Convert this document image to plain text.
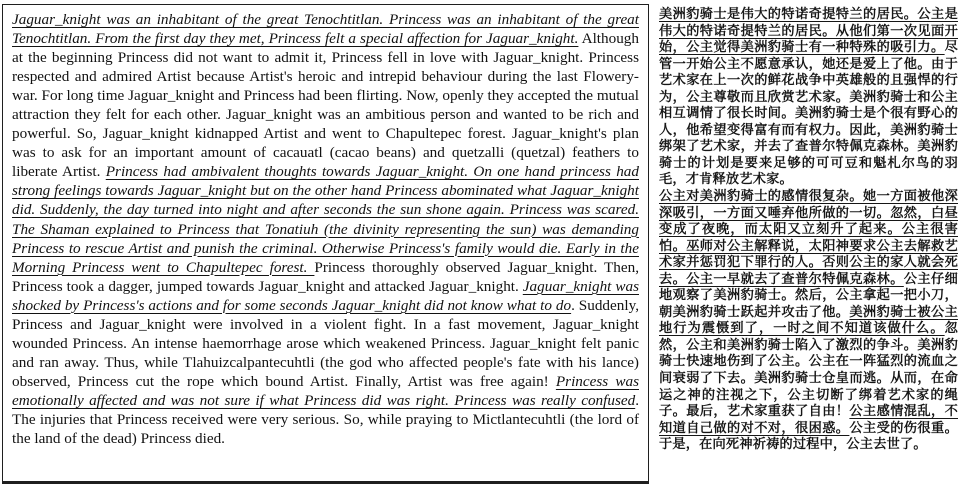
Jaguar_knight was an inhabitant of the great Tenochtitlan. Princess was an inhabitant of the great Tenochtitlan. From the first day they met, Princess felt a special affection for Jaguar_knight. Although at the beginning Princess did not want to admit it, Princess fell in love with Jaguar_knight. Princess respected and admired Artist because Artist's heroic and intrepid behaviour during the last Flowery-war. For long time Jaguar_knight and Princess had been flirting. Now, openly they accepted the mutual attraction they felt for each other. Jaguar_knight was an ambitious person and wanted to be rich and powerful. So, Jaguar_knight kidnapped Artist and went to Chapultepec forest. Jaguar_knight's plan was to ask for an important amount of cacauatl (cacao beans) and quetzalli (quetzal) feathers to liberate Artist. Princess had ambivalent thoughts towards Jaguar_knight. On one hand princess had strong feelings towards Jaguar_knight but on the other hand Princess abominated what Jaguar_knight did. Suddenly, the day turned into night and after seconds the sun shone again. Princess was scared. The Shaman explained to Princess that Tonatiuh (the divinity representing the sun) was demanding Princess to rescue Artist and punish the criminal. Otherwise Princess's family would die. Early in the Morning Princess went to Chapultepec forest. Princess thoroughly observed Jaguar_knight. Then, Princess took a dagger, jumped towards Jaguar_knight and attacked Jaguar_knight. Jaguar_knight was shocked by Princess's actions and for some seconds Jaguar_knight did not know what to do. Suddenly, Princess and Jaguar_knight were involved in a violent fight. In a fast movement, Jaguar_knight wounded Princess. An intense haemorrhage arose which weakened Princess. Jaguar_knight felt panic and ran away. Thus, while Tlahuizcalpantecuhtli (the god who affected people's fate with his lance) observed, Princess cut the rope which bound Artist. Finally, Artist was free again! Princess was emotionally affected and was not sure if what Princess did was right. Princess was really confused. The injuries that Princess received were very serious. So, while praying to Mictlantecuhtli (the lord of the land of the dead) Princess died.
美洲豹骑士是伟大的特诺奇提特兰的居民。公主是伟大的特诺奇提特兰的居民。从他们第一次见面开始，公主觉得美洲豹骑士有一种特殊的吸引力。尽管一开始公主不愿意承认，她还是爱上了他。由于艺术家在上一次的鲜花战争中英雄般的且强悍的行为，公主尊敬而且欣赏艺术家。美洲豹骑士和公主相互调情了很长时间。美洲豹骑士是个很有野心的人，他希望变得富有而有权力。因此，美洲豹骑士绑架了艺术家，并去了查普尔特佩克森林。美洲豹骑士的计划是要来足够的可可豆和魁札尔鸟的羽毛，才肯释放艺术家。
公主对美洲豹骑士的感情很复杂。她一方面被他深深吸引，一方面又唾弃他所做的一切。忽然，白昼变成了夜晚，而太阳又立刻升了起来。公主很害怕。巫师对公主解释说，太阳神要求公主去解救艺术家并惩罚犯下罪行的人。否则公主的家人就会死去。公主一早就去了查普尔特佩克森林。公主仔细地观察了美洲豹骑士。然后，公主拿起一把小刀，朝美洲豹骑士跃起并攻击了他。美洲豹骑士被公主地行为震慑到了，一时之间不知道该做什么。忽然，公主和美洲豹骑士陷入了激烈的争斗。美洲豹骑士快速地伤到了公主。公主在一阵猛烈的流血之间衰弱了下去。美洲豹骑士仓皇而逃。从而，在命运之神的注视之下，公主切断了绑着艺术家的绳子。最后，艺术家重获了自由！公主感情混乱，不知道自己做的对不对，很困惑。公主受的伤很重。于是，在向死神祈祷的过程中，公主去世了。
